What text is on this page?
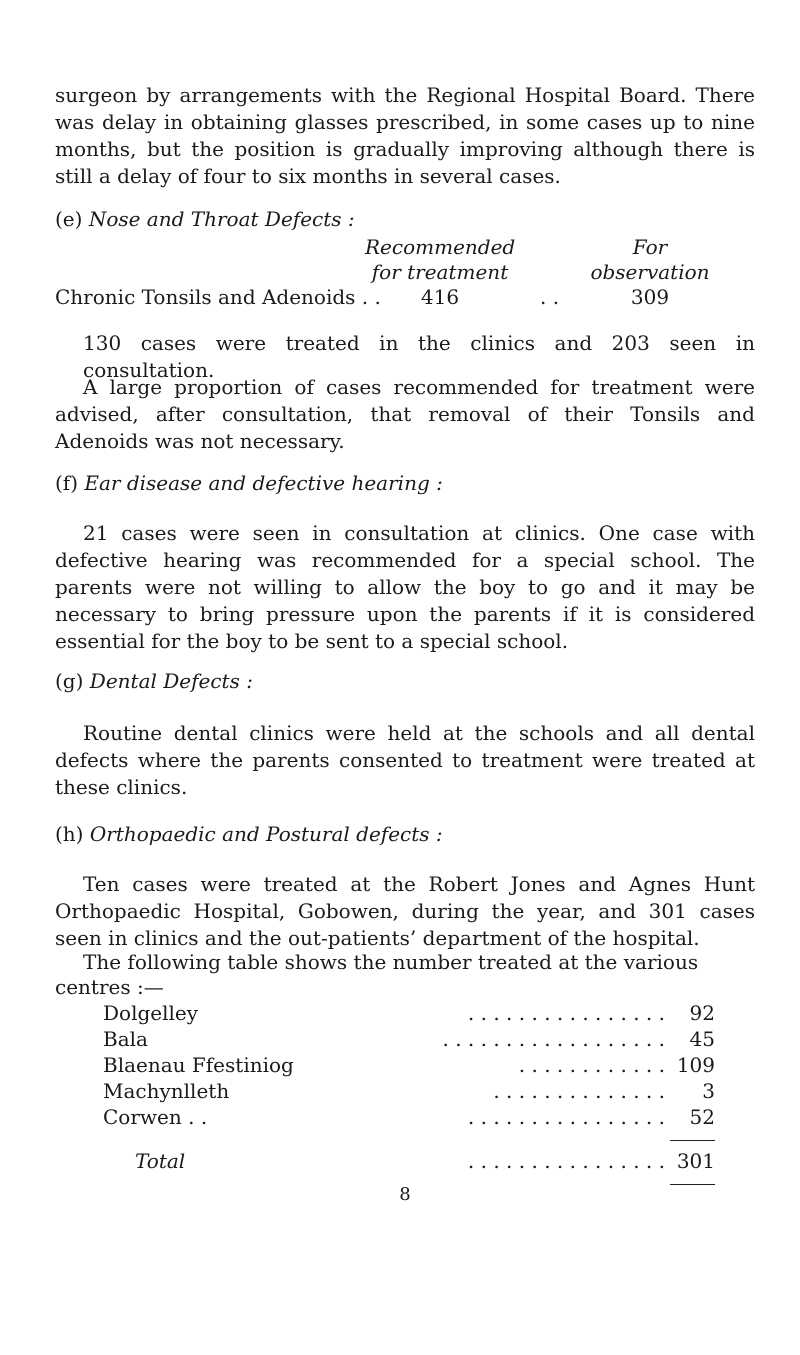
surgeon by arrangements with the Regional Hospital Board. There was delay in obtaining glasses prescribed, in some cases up to nine months, but the position is gradually improving although there is still a delay of four to six months in several cases.

(e) Nose and Throat Defects :
Recommended
for treatment
For
observation
Chronic Tonsils and Adenoids . .	416	. .	309

130 cases were treated in the clinics and 203 seen in consultation.

A large proportion of cases recommended for treatment were advised, after consultation, that removal of their Tonsils and Adenoids was not necessary.

(f) Ear disease and defective hearing :

21 cases were seen in consultation at clinics. One case with defective hearing was recommended for a special school. The parents were not willing to allow the boy to go and it may be necessary to bring pressure upon the parents if it is considered essential for the boy to be sent to a special school.

(g) Dental Defects :

Routine dental clinics were held at the schools and all dental defects where the parents consented to treatment were treated at these clinics.

(h) Orthopaedic and Postural defects :

Ten cases were treated at the Robert Jones and Agnes Hunt Orthopaedic Hospital, Gobowen, during the year, and 301 cases seen in clinics and the out-patients’ department of the hospital.

The following table shows the number treated at the various

centres :—
Dolgelley	. . . . . . . . . . . . . . . .	92
Bala	. . . . . . . . . . . . . . . . . .	45
Blaenau Ffestiniog	. . . . . . . . . . . . 109
Machynlleth	. . . . . . . . . . . . . .	3
Corwen . .	. . . . . . . . . . . . . . . .	52
Total	. . . . . . . . . . . . . . . . 301
8
